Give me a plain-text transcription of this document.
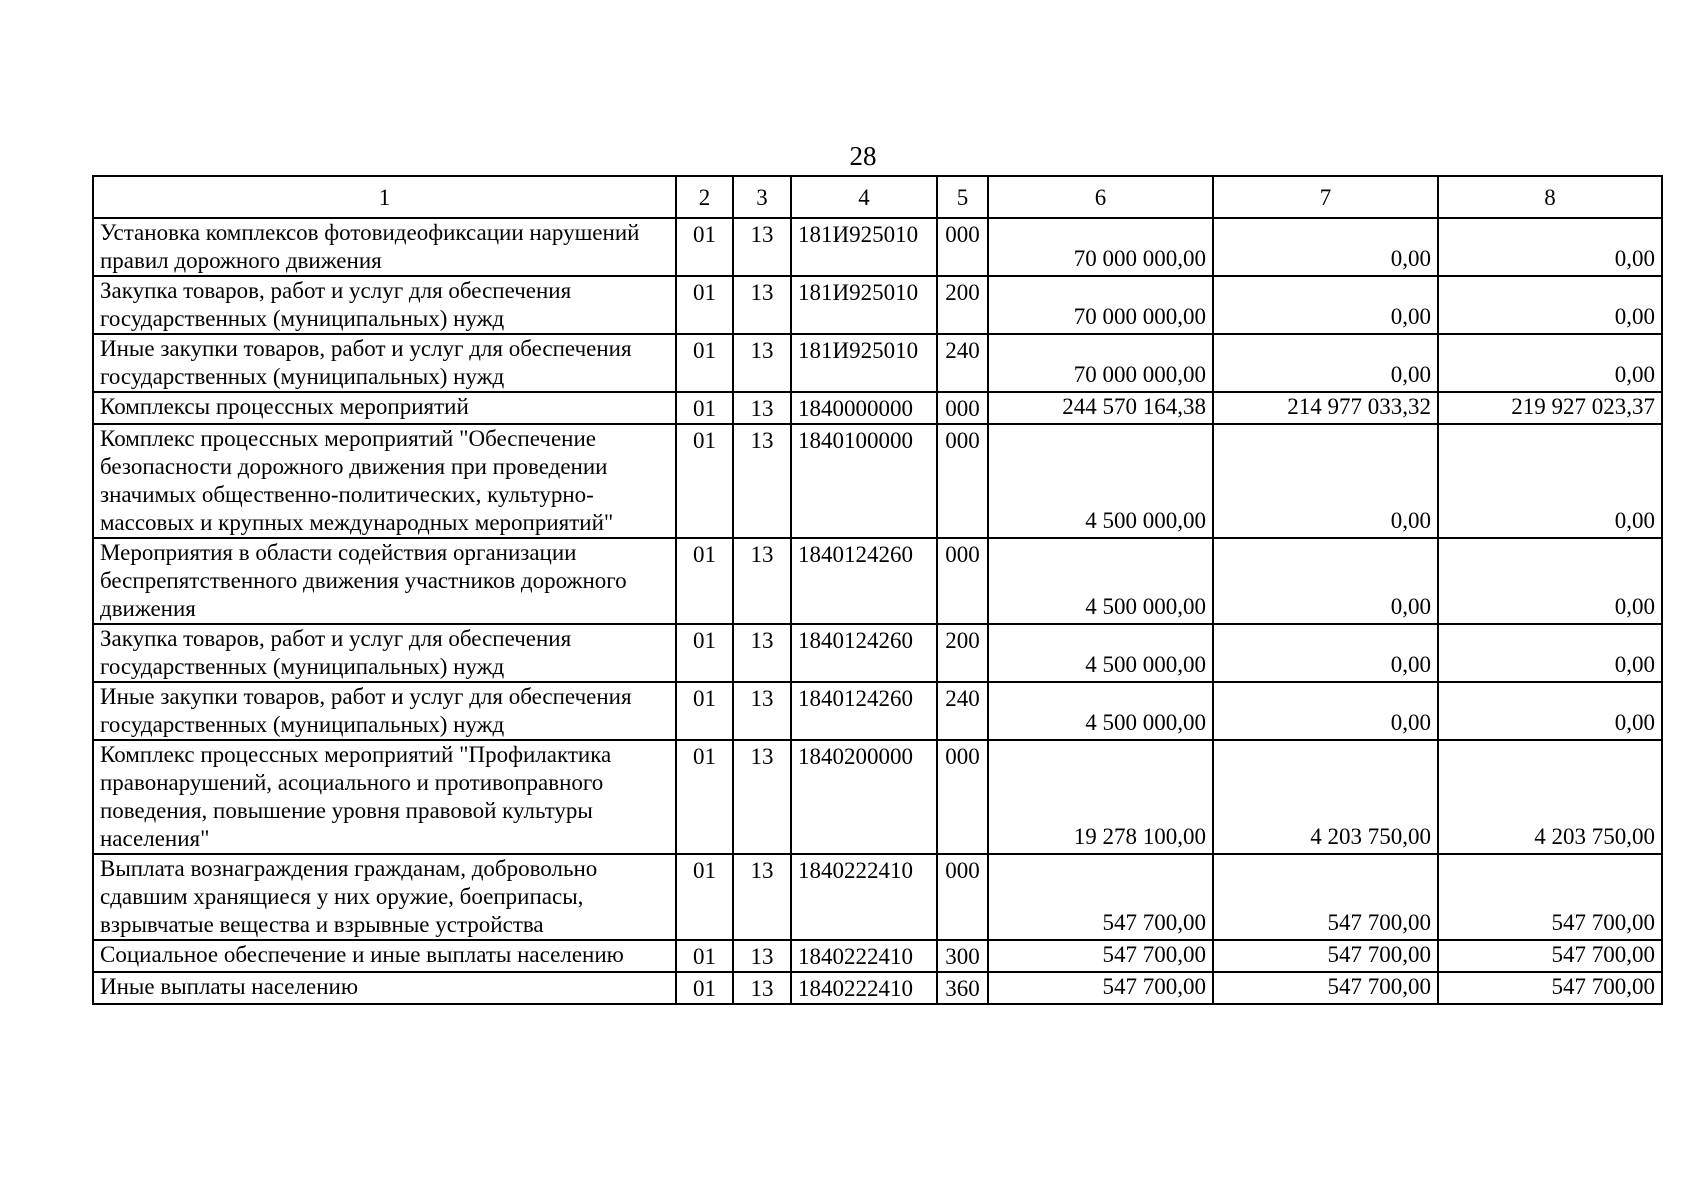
28
1	2	3	4	5	6	7	8
Установка комплексов фотовидеофиксации нарушений правил дорожного движения	01	13	181И925010	000	70 000 000,00	0,00	0,00
Закупка товаров, работ и услуг для обеспечения государственных (муниципальных) нужд	01	13	181И925010	200	70 000 000,00	0,00	0,00
Иные закупки товаров, работ и услуг для обеспечения государственных (муниципальных) нужд	01	13	181И925010	240	70 000 000,00	0,00	0,00
Комплексы процессных мероприятий	01	13	1840000000	000	244 570 164,38	214 977 033,32	219 927 023,37
Комплекс процессных мероприятий "Обеспечение безопасности дорожного движения при проведении значимых общественно-политических, культурно-массовых и крупных международных мероприятий"	01	13	1840100000	000	4 500 000,00	0,00	0,00
Мероприятия в области содействия организации беспрепятственного движения участников дорожного движения	01	13	1840124260	000	4 500 000,00	0,00	0,00
Закупка товаров, работ и услуг для обеспечения государственных (муниципальных) нужд	01	13	1840124260	200	4 500 000,00	0,00	0,00
Иные закупки товаров, работ и услуг для обеспечения государственных (муниципальных) нужд	01	13	1840124260	240	4 500 000,00	0,00	0,00
Комплекс процессных мероприятий "Профилактика правонарушений, асоциального и противоправного поведения, повышение уровня правовой культуры населения"	01	13	1840200000	000	19 278 100,00	4 203 750,00	4 203 750,00
Выплата вознаграждения гражданам, добровольно сдавшим хранящиеся у них оружие, боеприпасы, взрывчатые вещества и взрывные устройства	01	13	1840222410	000	547 700,00	547 700,00	547 700,00
Социальное обеспечение и иные выплаты населению	01	13	1840222410	300	547 700,00	547 700,00	547 700,00
Иные выплаты населению	01	13	1840222410	360	547 700,00	547 700,00	547 700,00
